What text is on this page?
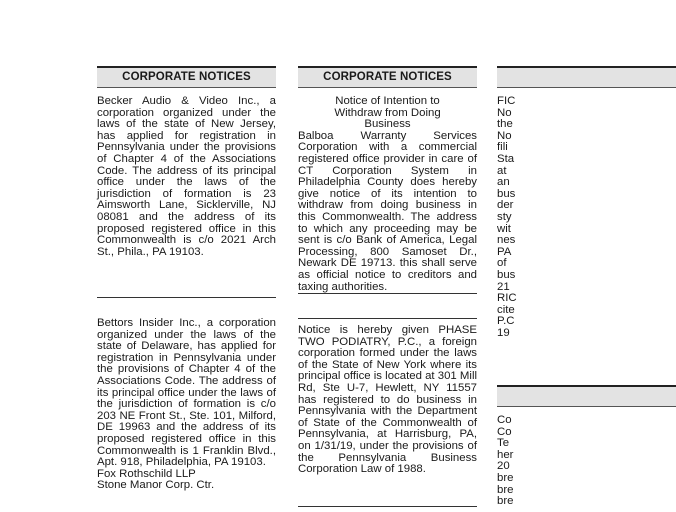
CORPORATE NOTICES

Becker Audio & Video Inc., a corporation organized under the laws of the state of New Jersey, has applied for registration in Pennsylvania under the provisions of Chapter 4 of the Associations Code. The address of its principal office under the laws of the jurisdiction of formation is 23 Aimsworth Lane, Sicklerville, NJ 08081 and the address of its proposed registered office in this Commonwealth is c/o 2021 Arch St., Phila., PA 19103.

Bettors Insider Inc., a corporation organized under the laws of the state of Delaware, has applied for registration in Pennsylvania under the provisions of Chapter 4 of the Associations Code. The address of its principal office under the laws of the jurisdiction of formation is c/o 203 NE Front St., Ste. 101, Milford, DE 19963 and the address of its proposed registered office in this Commonwealth is 1 Franklin Blvd., Apt. 918, Philadelphia, PA 19103.

Fox Rothschild LLP

Stone Manor Corp. Ctr.

CORPORATE NOTICES

Notice of Intention to Withdraw from Doing Business

Balboa Warranty Services Corporation with a commercial registered office provider in care of CT Corporation System in Philadelphia County does hereby give notice of its intention to withdraw from doing business in this Commonwealth. The address to which any proceeding may be sent is c/o Bank of America, Legal Processing, 800 Samoset Dr., Newark DE 19713. this shall serve as official notice to creditors and taxing authorities.

Notice is hereby given PHASE TWO PODIATRY, P.C., a foreign corporation formed under the laws of the State of New York where its principal office is located at 301 Mill Rd, Ste U-7, Hewlett, NY 11557 has registered to do business in Pennsylvania with the Department of State of the Commonwealth of Pennsylvania, at Harrisburg, PA, on 1/31/19, under the provisions of the Pennsylvania Business Corporation Law of 1988.

FIC

No

the

No

fili

Sta

at

an

bus

der

sty

wit

nes

PA

of

bus

21

RIC

cite

P.C

19

Co

Co

Te

her

20

bre

bre

bre
